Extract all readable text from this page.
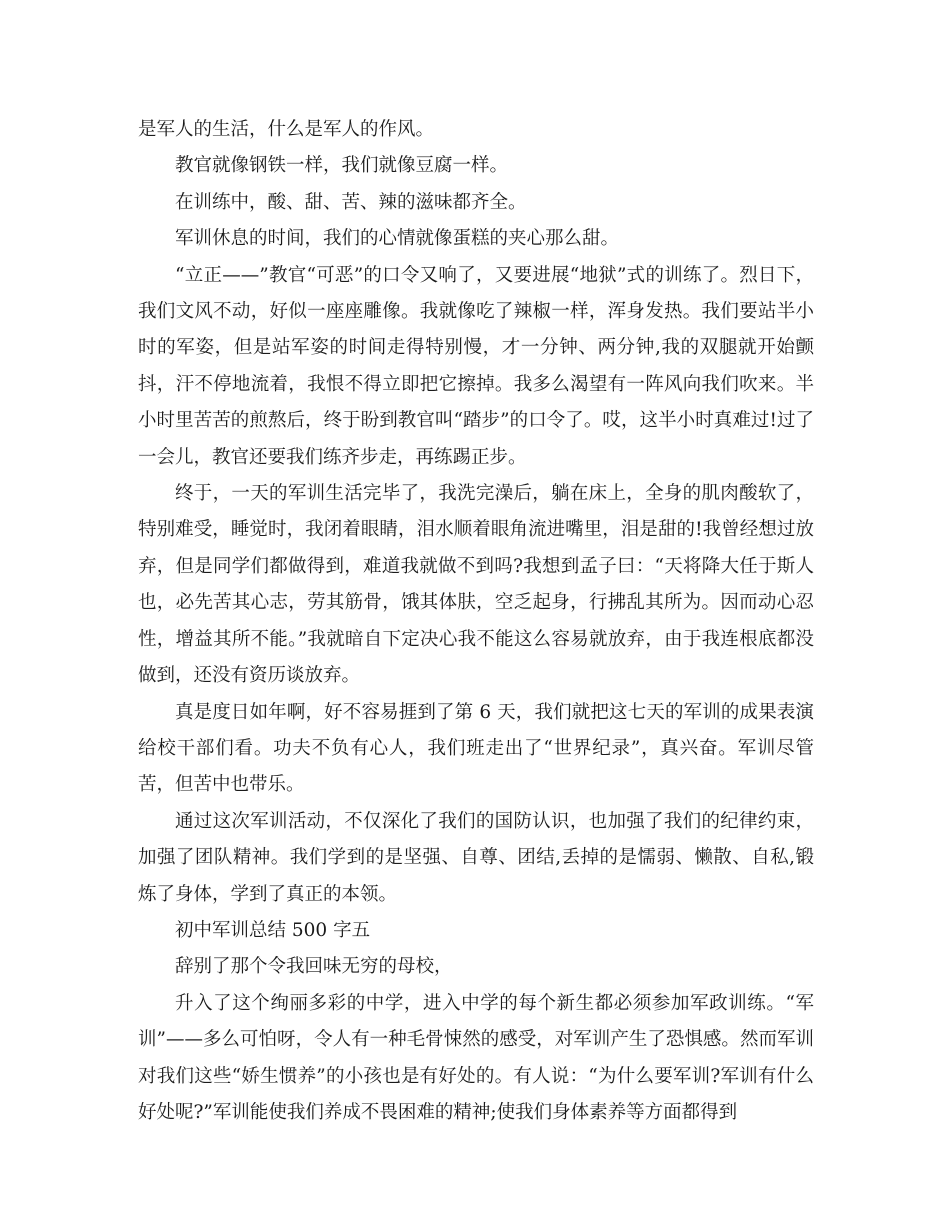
是军人的生活，什么是军人的作风。

教官就像钢铁一样，我们就像豆腐一样。

在训练中，酸、甜、苦、辣的滋味都齐全。

军训休息的时间，我们的心情就像蛋糕的夹心那么甜。

“立正——”教官“可恶”的口令又响了，又要进展“地狱”式的训练了。烈日下，我们文风不动，好似一座座雕像。我就像吃了辣椒一样，浑身发热。我们要站半小时的军姿，但是站军姿的时间走得特别慢，才一分钟、两分钟,我的双腿就开始颤抖，汗不停地流着，我恨不得立即把它擦掉。我多么渴望有一阵风向我们吹来。半小时里苦苦的煎熬后，终于盼到教官叫“踏步”的口令了。哎，这半小时真难过!过了一会儿，教官还要我们练齐步走，再练踢正步。

终于，一天的军训生活完毕了，我洗完澡后，躺在床上，全身的肌肉酸软了，特别难受，睡觉时，我闭着眼睛，泪水顺着眼角流进嘴里，泪是甜的!我曾经想过放弃，但是同学们都做得到，难道我就做不到吗?我想到孟子曰：“天将降大任于斯人也，必先苦其心志，劳其筋骨，饿其体肤，空乏起身，行拂乱其所为。因而动心忍性，增益其所不能。”我就暗自下定决心我不能这么容易就放弃，由于我连根底都没做到，还没有资历谈放弃。

真是度日如年啊，好不容易捱到了第 6 天，我们就把这七天的军训的成果表演给校干部们看。功夫不负有心人，我们班走出了“世界纪录”，真兴奋。军训尽管苦，但苦中也带乐。

通过这次军训活动，不仅深化了我们的国防认识，也加强了我们的纪律约束，加强了团队精神。我们学到的是坚强、自尊、团结,丢掉的是懦弱、懒散、自私,锻炼了身体，学到了真正的本领。

初中军训总结 500 字五

辞别了那个令我回味无穷的母校，

升入了这个绚丽多彩的中学，进入中学的每个新生都必须参加军政训练。“军训”——多么可怕呀，令人有一种毛骨悚然的感受，对军训产生了恐惧感。然而军训对我们这些“娇生惯养”的小孩也是有好处的。有人说：“为什么要军训?军训有什么好处呢?”军训能使我们养成不畏困难的精神;使我们身体素养等方面都得到
